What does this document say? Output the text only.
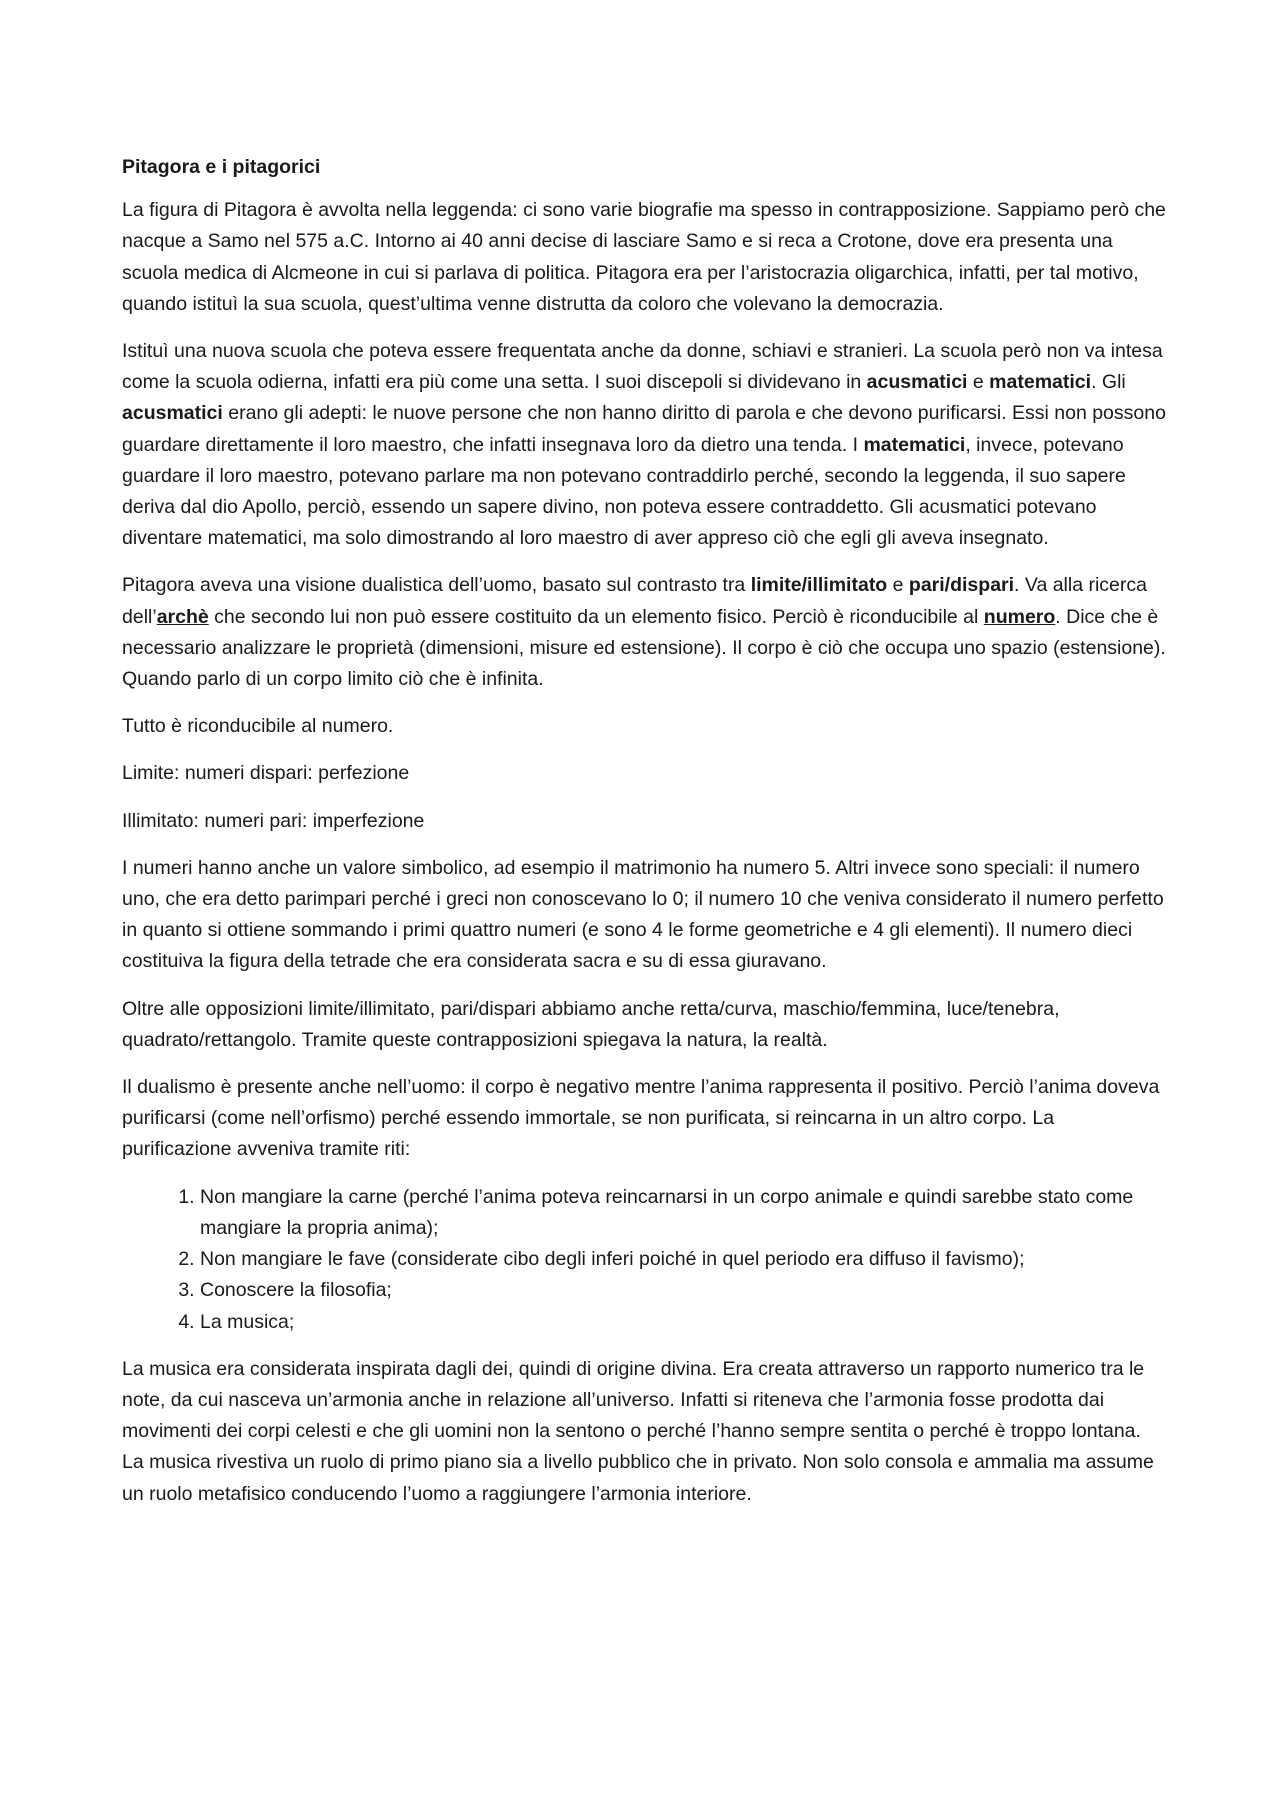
Pitagora e i pitagorici

La figura di Pitagora è avvolta nella leggenda: ci sono varie biografie ma spesso in contrapposizione. Sappiamo però che nacque a Samo nel 575 a.C. Intorno ai 40 anni decise di lasciare Samo e si reca a Crotone, dove era presenta una scuola medica di Alcmeone in cui si parlava di politica. Pitagora era per l’aristocrazia oligarchica, infatti, per tal motivo, quando istituì la sua scuola, quest’ultima venne distrutta da coloro che volevano la democrazia.

Istituì una nuova scuola che poteva essere frequentata anche da donne, schiavi e stranieri. La scuola però non va intesa come la scuola odierna, infatti era più come una setta. I suoi discepoli si dividevano in acusmatici e matematici. Gli acusmatici erano gli adepti: le nuove persone che non hanno diritto di parola e che devono purificarsi. Essi non possono guardare direttamente il loro maestro, che infatti insegnava loro da dietro una tenda. I matematici, invece, potevano guardare il loro maestro, potevano parlare ma non potevano contraddirlo perché, secondo la leggenda, il suo sapere deriva dal dio Apollo, perciò, essendo un sapere divino, non poteva essere contraddetto. Gli acusmatici potevano diventare matematici, ma solo dimostrando al loro maestro di aver appreso ciò che egli gli aveva insegnato.

Pitagora aveva una visione dualistica dell’uomo, basato sul contrasto tra limite/illimitato e pari/dispari. Va alla ricerca dell’archè che secondo lui non può essere costituito da un elemento fisico. Perciò è riconducibile al numero. Dice che è necessario analizzare le proprietà (dimensioni, misure ed estensione). Il corpo è ciò che occupa uno spazio (estensione). Quando parlo di un corpo limito ciò che è infinita.

Tutto è riconducibile al numero.

Limite: numeri dispari: perfezione

Illimitato: numeri pari: imperfezione

I numeri hanno anche un valore simbolico, ad esempio il matrimonio ha numero 5. Altri invece sono speciali: il numero uno, che era detto parimpari perché i greci non conoscevano lo 0; il numero 10 che veniva considerato il numero perfetto in quanto si ottiene sommando i primi quattro numeri (e sono 4 le forme geometriche e 4 gli elementi). Il numero dieci costituiva la figura della tetrade che era considerata sacra e su di essa giuravano.

Oltre alle opposizioni limite/illimitato, pari/dispari abbiamo anche retta/curva, maschio/femmina, luce/tenebra, quadrato/rettangolo. Tramite queste contrapposizioni spiegava la natura, la realtà.

Il dualismo è presente anche nell’uomo: il corpo è negativo mentre l’anima rappresenta il positivo. Perciò l’anima doveva purificarsi (come nell’orfismo) perché essendo immortale, se non purificata, si reincarna in un altro corpo. La purificazione avveniva tramite riti:

1. Non mangiare la carne (perché l’anima poteva reincarnarsi in un corpo animale e quindi sarebbe stato come mangiare la propria anima);
2. Non mangiare le fave (considerate cibo degli inferi poiché in quel periodo era diffuso il favismo);
3. Conoscere la filosofia;
4. La musica;

La musica era considerata inspirata dagli dei, quindi di origine divina. Era creata attraverso un rapporto numerico tra le note, da cui nasceva un’armonia anche in relazione all’universo. Infatti si riteneva che l’armonia fosse prodotta dai movimenti dei corpi celesti e che gli uomini non la sentono o perché l’hanno sempre sentita o perché è troppo lontana. La musica rivestiva un ruolo di primo piano sia a livello pubblico che in privato. Non solo consola e ammalia ma assume un ruolo metafisico conducendo l’uomo a raggiungere l’armonia interiore.
